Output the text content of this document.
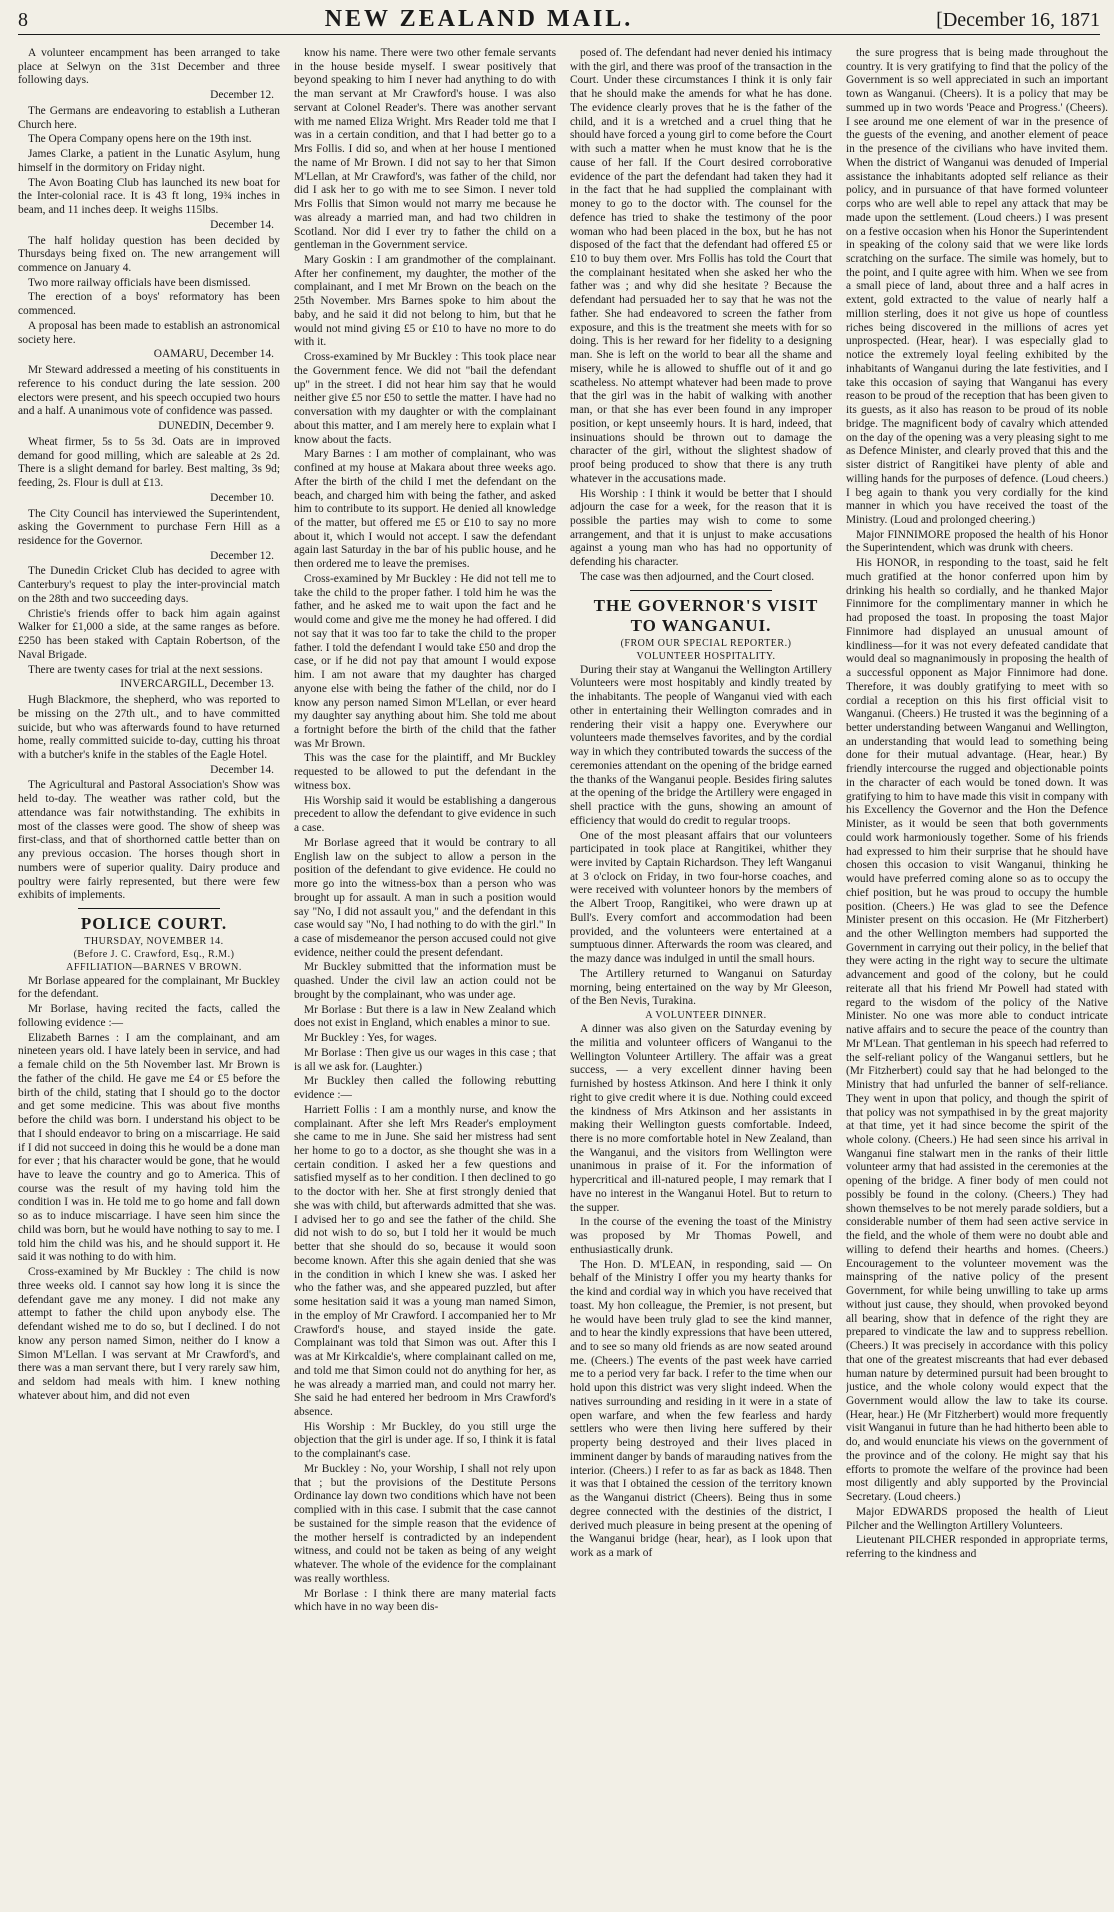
8	NEW ZEALAND MAIL.	[December 16, 1871

A volunteer encampment has been arranged to take place at Selwyn on the 31st December and three following days.

December 12.

The Germans are endeavoring to establish a Lutheran Church here.

The Opera Company opens here on the 19th inst.

James Clarke, a patient in the Lunatic Asylum, hung himself in the dormitory on Friday night.

The Avon Boating Club has launched its new boat for the Inter-colonial race. It is 43 ft long, 19¾ inches in beam, and 11 inches deep. It weighs 115lbs.

December 14.

The half holiday question has been decided by Thursdays being fixed on. The new arrangement will commence on January 4.

Two more railway officials have been dismissed.

The erection of a boys' reformatory has been commenced.

A proposal has been made to establish an astronomical society here.

OAMARU, December 14.

Mr Steward addressed a meeting of his constituents in reference to his conduct during the late session. 200 electors were present, and his speech occupied two hours and a half. A unanimous vote of confidence was passed.

DUNEDIN, December 9.

Wheat firmer, 5s to 5s 3d. Oats are in improved demand for good milling, which are saleable at 2s 2d. There is a slight demand for barley. Best malting, 3s 9d; feeding, 2s. Flour is dull at £13.

December 10.

The City Council has interviewed the Superintendent, asking the Government to purchase Fern Hill as a residence for the Governor.

December 12.

The Dunedin Cricket Club has decided to agree with Canterbury's request to play the inter-provincial match on the 28th and two succeeding days.

Christie's friends offer to back him again against Walker for £1,000 a side, at the same ranges as before. £250 has been staked with Captain Robertson, of the Naval Brigade.

There are twenty cases for trial at the next sessions.

INVERCARGILL, December 13.

Hugh Blackmore, the shepherd, who was reported to be missing on the 27th ult., and to have committed suicide, but who was afterwards found to have returned home, really committed suicide to-day, cutting his throat with a butcher's knife in the stables of the Eagle Hotel.

December 14.

The Agricultural and Pastoral Association's Show was held to-day. The weather was rather cold, but the attendance was fair notwithstanding. The exhibits in most of the classes were good. The show of sheep was first-class, and that of shorthorned cattle better than on any previous occasion. The horses though short in numbers were of superior quality. Dairy produce and poultry were fairly represented, but there were few exhibits of implements.

POLICE COURT.

THURSDAY, NOVEMBER 14.

(Before J. C. Crawford, Esq., R.M.)

AFFILIATION—BARNES V BROWN.

Mr Borlase appeared for the complainant, Mr Buckley for the defendant.

Mr Borlase, having recited the facts, called the following evidence :—

Elizabeth Barnes : I am the complainant, and am nineteen years old. I have lately been in service, and had a female child on the 5th November last. Mr Brown is the father of the child. He gave me £4 or £5 before the birth of the child, stating that I should go to the doctor and get some medicine. This was about five months before the child was born. I understand his object to be that I should endeavor to bring on a miscarriage. He said if I did not succeed in doing this he would be a done man for ever ; that his character would be gone, that he would have to leave the country and go to America. This of course was the result of my having told him the condition I was in. He told me to go home and fall down so as to induce miscarriage. I have seen him since the child was born, but he would have nothing to say to me. I told him the child was his, and he should support it. He said it was nothing to do with him.

Cross-examined by Mr Buckley : The child is now three weeks old. I cannot say how long it is since the defendant gave me any money. I did not make any attempt to father the child upon anybody else. The defendant wished me to do so, but I declined. I do not know any person named Simon, neither do I know a Simon M'Lellan. I was servant at Mr Crawford's, and there was a man servant there, but I very rarely saw him, and seldom had meals with him. I knew nothing whatever about him, and did not even

know his name. There were two other female servants in the house beside myself. I swear positively that beyond speaking to him I never had anything to do with the man servant at Mr Crawford's house. I was also servant at Colonel Reader's. There was another servant with me named Eliza Wright. Mrs Reader told me that I was in a certain condition, and that I had better go to a Mrs Follis. I did so, and when at her house I mentioned the name of Mr Brown. I did not say to her that Simon M'Lellan, at Mr Crawford's, was father of the child, nor did I ask her to go with me to see Simon. I never told Mrs Follis that Simon would not marry me because he was already a married man, and had two children in Scotland. Nor did I ever try to father the child on a gentleman in the Government service.

Mary Goskin : I am grandmother of the complainant. After her confinement, my daughter, the mother of the complainant, and I met Mr Brown on the beach on the 25th November. Mrs Barnes spoke to him about the baby, and he said it did not belong to him, but that he would not mind giving £5 or £10 to have no more to do with it.

Cross-examined by Mr Buckley : This took place near the Government fence. We did not "bail the defendant up" in the street. I did not hear him say that he would neither give £5 nor £50 to settle the matter. I have had no conversation with my daughter or with the complainant about this matter, and I am merely here to explain what I know about the facts.

Mary Barnes : I am mother of complainant, who was confined at my house at Makara about three weeks ago. After the birth of the child I met the defendant on the beach, and charged him with being the father, and asked him to contribute to its support. He denied all knowledge of the matter, but offered me £5 or £10 to say no more about it, which I would not accept. I saw the defendant again last Saturday in the bar of his public house, and he then ordered me to leave the premises.

Cross-examined by Mr Buckley : He did not tell me to take the child to the proper father. I told him he was the father, and he asked me to wait upon the fact and he would come and give me the money he had offered. I did not say that it was too far to take the child to the proper father. I told the defendant I would take £50 and drop the case, or if he did not pay that amount I would expose him. I am not aware that my daughter has charged anyone else with being the father of the child, nor do I know any person named Simon M'Lellan, or ever heard my daughter say anything about him. She told me about a fortnight before the birth of the child that the father was Mr Brown.

This was the case for the plaintiff, and Mr Buckley requested to be allowed to put the defendant in the witness box.

His Worship said it would be establishing a dangerous precedent to allow the defendant to give evidence in such a case.

Mr Borlase agreed that it would be contrary to all English law on the subject to allow a person in the position of the defendant to give evidence. He could no more go into the witness-box than a person who was brought up for assault. A man in such a position would say "No, I did not assault you," and the defendant in this case would say "No, I had nothing to do with the girl." In a case of misdemeanor the person accused could not give evidence, neither could the present defendant.

Mr Buckley submitted that the information must be quashed. Under the civil law an action could not be brought by the complainant, who was under age.

Mr Borlase : But there is a law in New Zealand which does not exist in England, which enables a minor to sue.

Mr Buckley : Yes, for wages.

Mr Borlase : Then give us our wages in this case ; that is all we ask for. (Laughter.)

Mr Buckley then called the following rebutting evidence :—

Harriett Follis : I am a monthly nurse, and know the complainant. After she left Mrs Reader's employment she came to me in June. She said her mistress had sent her home to go to a doctor, as she thought she was in a certain condition. I asked her a few questions and satisfied myself as to her condition. I then declined to go to the doctor with her. She at first strongly denied that she was with child, but afterwards admitted that she was. I advised her to go and see the father of the child. She did not wish to do so, but I told her it would be much better that she should do so, because it would soon become known. After this she again denied that she was in the condition in which I knew she was. I asked her who the father was, and she appeared puzzled, but after some hesitation said it was a young man named Simon, in the employ of Mr Crawford. I accompanied her to Mr Crawford's house, and stayed inside the gate. Complainant was told that Simon was out. After this I was at Mr Kirkcaldie's, where complainant called on me, and told me that Simon could not do anything for her, as he was already a married man, and could not marry her. She said he had entered her bedroom in Mrs Crawford's absence.

His Worship : Mr Buckley, do you still urge the objection that the girl is under age. If so, I think it is fatal to the complainant's case.

Mr Buckley : No, your Worship, I shall not rely upon that ; but the provisions of the Destitute Persons Ordinance lay down two conditions which have not been complied with in this case. I submit that the case cannot be sustained for the simple reason that the evidence of the mother herself is contradicted by an independent witness, and could not be taken as being of any weight whatever. The whole of the evidence for the complainant was really worthless.

Mr Borlase : I think there are many material facts which have in no way been dis-

posed of. The defendant had never denied his intimacy with the girl, and there was proof of the transaction in the Court. Under these circumstances I think it is only fair that he should make the amends for what he has done. The evidence clearly proves that he is the father of the child, and it is a wretched and a cruel thing that he should have forced a young girl to come before the Court with such a matter when he must know that he is the cause of her fall. If the Court desired corroborative evidence of the part the defendant had taken they had it in the fact that he had supplied the complainant with money to go to the doctor with. The counsel for the defence has tried to shake the testimony of the poor woman who had been placed in the box, but he has not disposed of the fact that the defendant had offered £5 or £10 to buy them over. Mrs Follis has told the Court that the complainant hesitated when she asked her who the father was ; and why did she hesitate ? Because the defendant had persuaded her to say that he was not the father. She had endeavored to screen the father from exposure, and this is the treatment she meets with for so doing. This is her reward for her fidelity to a designing man. She is left on the world to bear all the shame and misery, while he is allowed to shuffle out of it and go scatheless. No attempt whatever had been made to prove that the girl was in the habit of walking with another man, or that she has ever been found in any improper position, or kept unseemly hours. It is hard, indeed, that insinuations should be thrown out to damage the character of the girl, without the slightest shadow of proof being produced to show that there is any truth whatever in the accusations made.

His Worship : I think it would be better that I should adjourn the case for a week, for the reason that it is possible the parties may wish to come to some arrangement, and that it is unjust to make accusations against a young man who has had no opportunity of defending his character.

The case was then adjourned, and the Court closed.

THE GOVERNOR'S VISIT TO WANGANUI.

(FROM OUR SPECIAL REPORTER.)

VOLUNTEER HOSPITALITY.

During their stay at Wanganui the Wellington Artillery Volunteers were most hospitably and kindly treated by the inhabitants. The people of Wanganui vied with each other in entertaining their Wellington comrades and in rendering their visit a happy one. Everywhere our volunteers made themselves favorites, and by the cordial way in which they contributed towards the success of the ceremonies attendant on the opening of the bridge earned the thanks of the Wanganui people. Besides firing salutes at the opening of the bridge the Artillery were engaged in shell practice with the guns, showing an amount of efficiency that would do credit to regular troops.

One of the most pleasant affairs that our volunteers participated in took place at Rangitikei, whither they were invited by Captain Richardson. They left Wanganui at 3 o'clock on Friday, in two four-horse coaches, and were received with volunteer honors by the members of the Albert Troop, Rangitikei, who were drawn up at Bull's. Every comfort and accommodation had been provided, and the volunteers were entertained at a sumptuous dinner. Afterwards the room was cleared, and the mazy dance was indulged in until the small hours.

The Artillery returned to Wanganui on Saturday morning, being entertained on the way by Mr Gleeson, of the Ben Nevis, Turakina.

A VOLUNTEER DINNER.

A dinner was also given on the Saturday evening by the militia and volunteer officers of Wanganui to the Wellington Volunteer Artillery. The affair was a great success, — a very excellent dinner having been furnished by hostess Atkinson. And here I think it only right to give credit where it is due. Nothing could exceed the kindness of Mrs Atkinson and her assistants in making their Wellington guests comfortable. Indeed, there is no more comfortable hotel in New Zealand, than the Wanganui, and the visitors from Wellington were unanimous in praise of it. For the information of hypercritical and ill-natured people, I may remark that I have no interest in the Wanganui Hotel. But to return to the supper.

In the course of the evening the toast of the Ministry was proposed by Mr Thomas Powell, and enthusiastically drunk.

The Hon. D. M'LEAN, in responding, said — On behalf of the Ministry I offer you my hearty thanks for the kind and cordial way in which you have received that toast. My hon colleague, the Premier, is not present, but he would have been truly glad to see the kind manner, and to hear the kindly expressions that have been uttered, and to see so many old friends as are now seated around me. (Cheers.) The events of the past week have carried me to a period very far back. I refer to the time when our hold upon this district was very slight indeed. When the natives surrounding and residing in it were in a state of open warfare, and when the few fearless and hardy settlers who were then living here suffered by their property being destroyed and their lives placed in imminent danger by bands of marauding natives from the interior. (Cheers.) I refer to as far as back as 1848. Then it was that I obtained the cession of the territory known as the Wanganui district (Cheers). Being thus in some degree connected with the destinies of the district, I derived much pleasure in being present at the opening of the Wanganui bridge (hear, hear), as I look upon that work as a mark of

the sure progress that is being made throughout the country. It is very gratifying to find that the policy of the Government is so well appreciated in such an important town as Wanganui. (Cheers). It is a policy that may be summed up in two words 'Peace and Progress.' (Cheers). I see around me one element of war in the presence of the guests of the evening, and another element of peace in the presence of the civilians who have invited them. When the district of Wanganui was denuded of Imperial assistance the inhabitants adopted self reliance as their policy, and in pursuance of that have formed volunteer corps who are well able to repel any attack that may be made upon the settlement. (Loud cheers.) I was present on a festive occasion when his Honor the Superintendent in speaking of the colony said that we were like lords scratching on the surface. The simile was homely, but to the point, and I quite agree with him. When we see from a small piece of land, about three and a half acres in extent, gold extracted to the value of nearly half a million sterling, does it not give us hope of countless riches being discovered in the millions of acres yet unprospected. (Hear, hear). I was especially glad to notice the extremely loyal feeling exhibited by the inhabitants of Wanganui during the late festivities, and I take this occasion of saying that Wanganui has every reason to be proud of the reception that has been given to its guests, as it also has reason to be proud of its noble bridge. The magnificent body of cavalry which attended on the day of the opening was a very pleasing sight to me as Defence Minister, and clearly proved that this and the sister district of Rangitikei have plenty of able and willing hands for the purposes of defence. (Loud cheers.) I beg again to thank you very cordially for the kind manner in which you have received the toast of the Ministry. (Loud and prolonged cheering.)

Major FINNIMORE proposed the health of his Honor the Superintendent, which was drunk with cheers.

His HONOR, in responding to the toast, said he felt much gratified at the honor conferred upon him by drinking his health so cordially, and he thanked Major Finnimore for the complimentary manner in which he had proposed the toast. In proposing the toast Major Finnimore had displayed an unusual amount of kindliness—for it was not every defeated candidate that would deal so magnanimously in proposing the health of a successful opponent as Major Finnimore had done. Therefore, it was doubly gratifying to meet with so cordial a reception on this his first official visit to Wanganui. (Cheers.) He trusted it was the beginning of a better understanding between Wanganui and Wellington, an understanding that would lead to something being done for their mutual advantage. (Hear, hear.) By friendly intercourse the rugged and objectionable points in the character of each would be toned down. It was gratifying to him to have made this visit in company with his Excellency the Governor and the Hon the Defence Minister, as it would be seen that both governments could work harmoniously together. Some of his friends had expressed to him their surprise that he should have chosen this occasion to visit Wanganui, thinking he would have preferred coming alone so as to occupy the chief position, but he was proud to occupy the humble position. (Cheers.) He was glad to see the Defence Minister present on this occasion. He (Mr Fitzherbert) and the other Wellington members had supported the Government in carrying out their policy, in the belief that they were acting in the right way to secure the ultimate advancement and good of the colony, but he could reiterate all that his friend Mr Powell had stated with regard to the wisdom of the policy of the Native Minister. No one was more able to conduct intricate native affairs and to secure the peace of the country than Mr M'Lean. That gentleman in his speech had referred to the self-reliant policy of the Wanganui settlers, but he (Mr Fitzherbert) could say that he had belonged to the Ministry that had unfurled the banner of self-reliance. They went in upon that policy, and though the spirit of that policy was not sympathised in by the great majority at that time, yet it had since become the spirit of the whole colony. (Cheers.) He had seen since his arrival in Wanganui fine stalwart men in the ranks of their little volunteer army that had assisted in the ceremonies at the opening of the bridge. A finer body of men could not possibly be found in the colony. (Cheers.) They had shown themselves to be not merely parade soldiers, but a considerable number of them had seen active service in the field, and the whole of them were no doubt able and willing to defend their hearths and homes. (Cheers.) Encouragement to the volunteer movement was the mainspring of the native policy of the present Government, for while being unwilling to take up arms without just cause, they should, when provoked beyond all bearing, show that in defence of the right they are prepared to vindicate the law and to suppress rebellion. (Cheers.) It was precisely in accordance with this policy that one of the greatest miscreants that had ever debased human nature by determined pursuit had been brought to justice, and the whole colony would expect that the Government would allow the law to take its course. (Hear, hear.) He (Mr Fitzherbert) would more frequently visit Wanganui in future than he had hitherto been able to do, and would enunciate his views on the government of the province and of the colony. He might say that his efforts to promote the welfare of the province had been most diligently and ably supported by the Provincial Secretary. (Loud cheers.)

Major EDWARDS proposed the health of Lieut Pilcher and the Wellington Artillery Volunteers.

Lieutenant PILCHER responded in appropriate terms, referring to the kindness and
